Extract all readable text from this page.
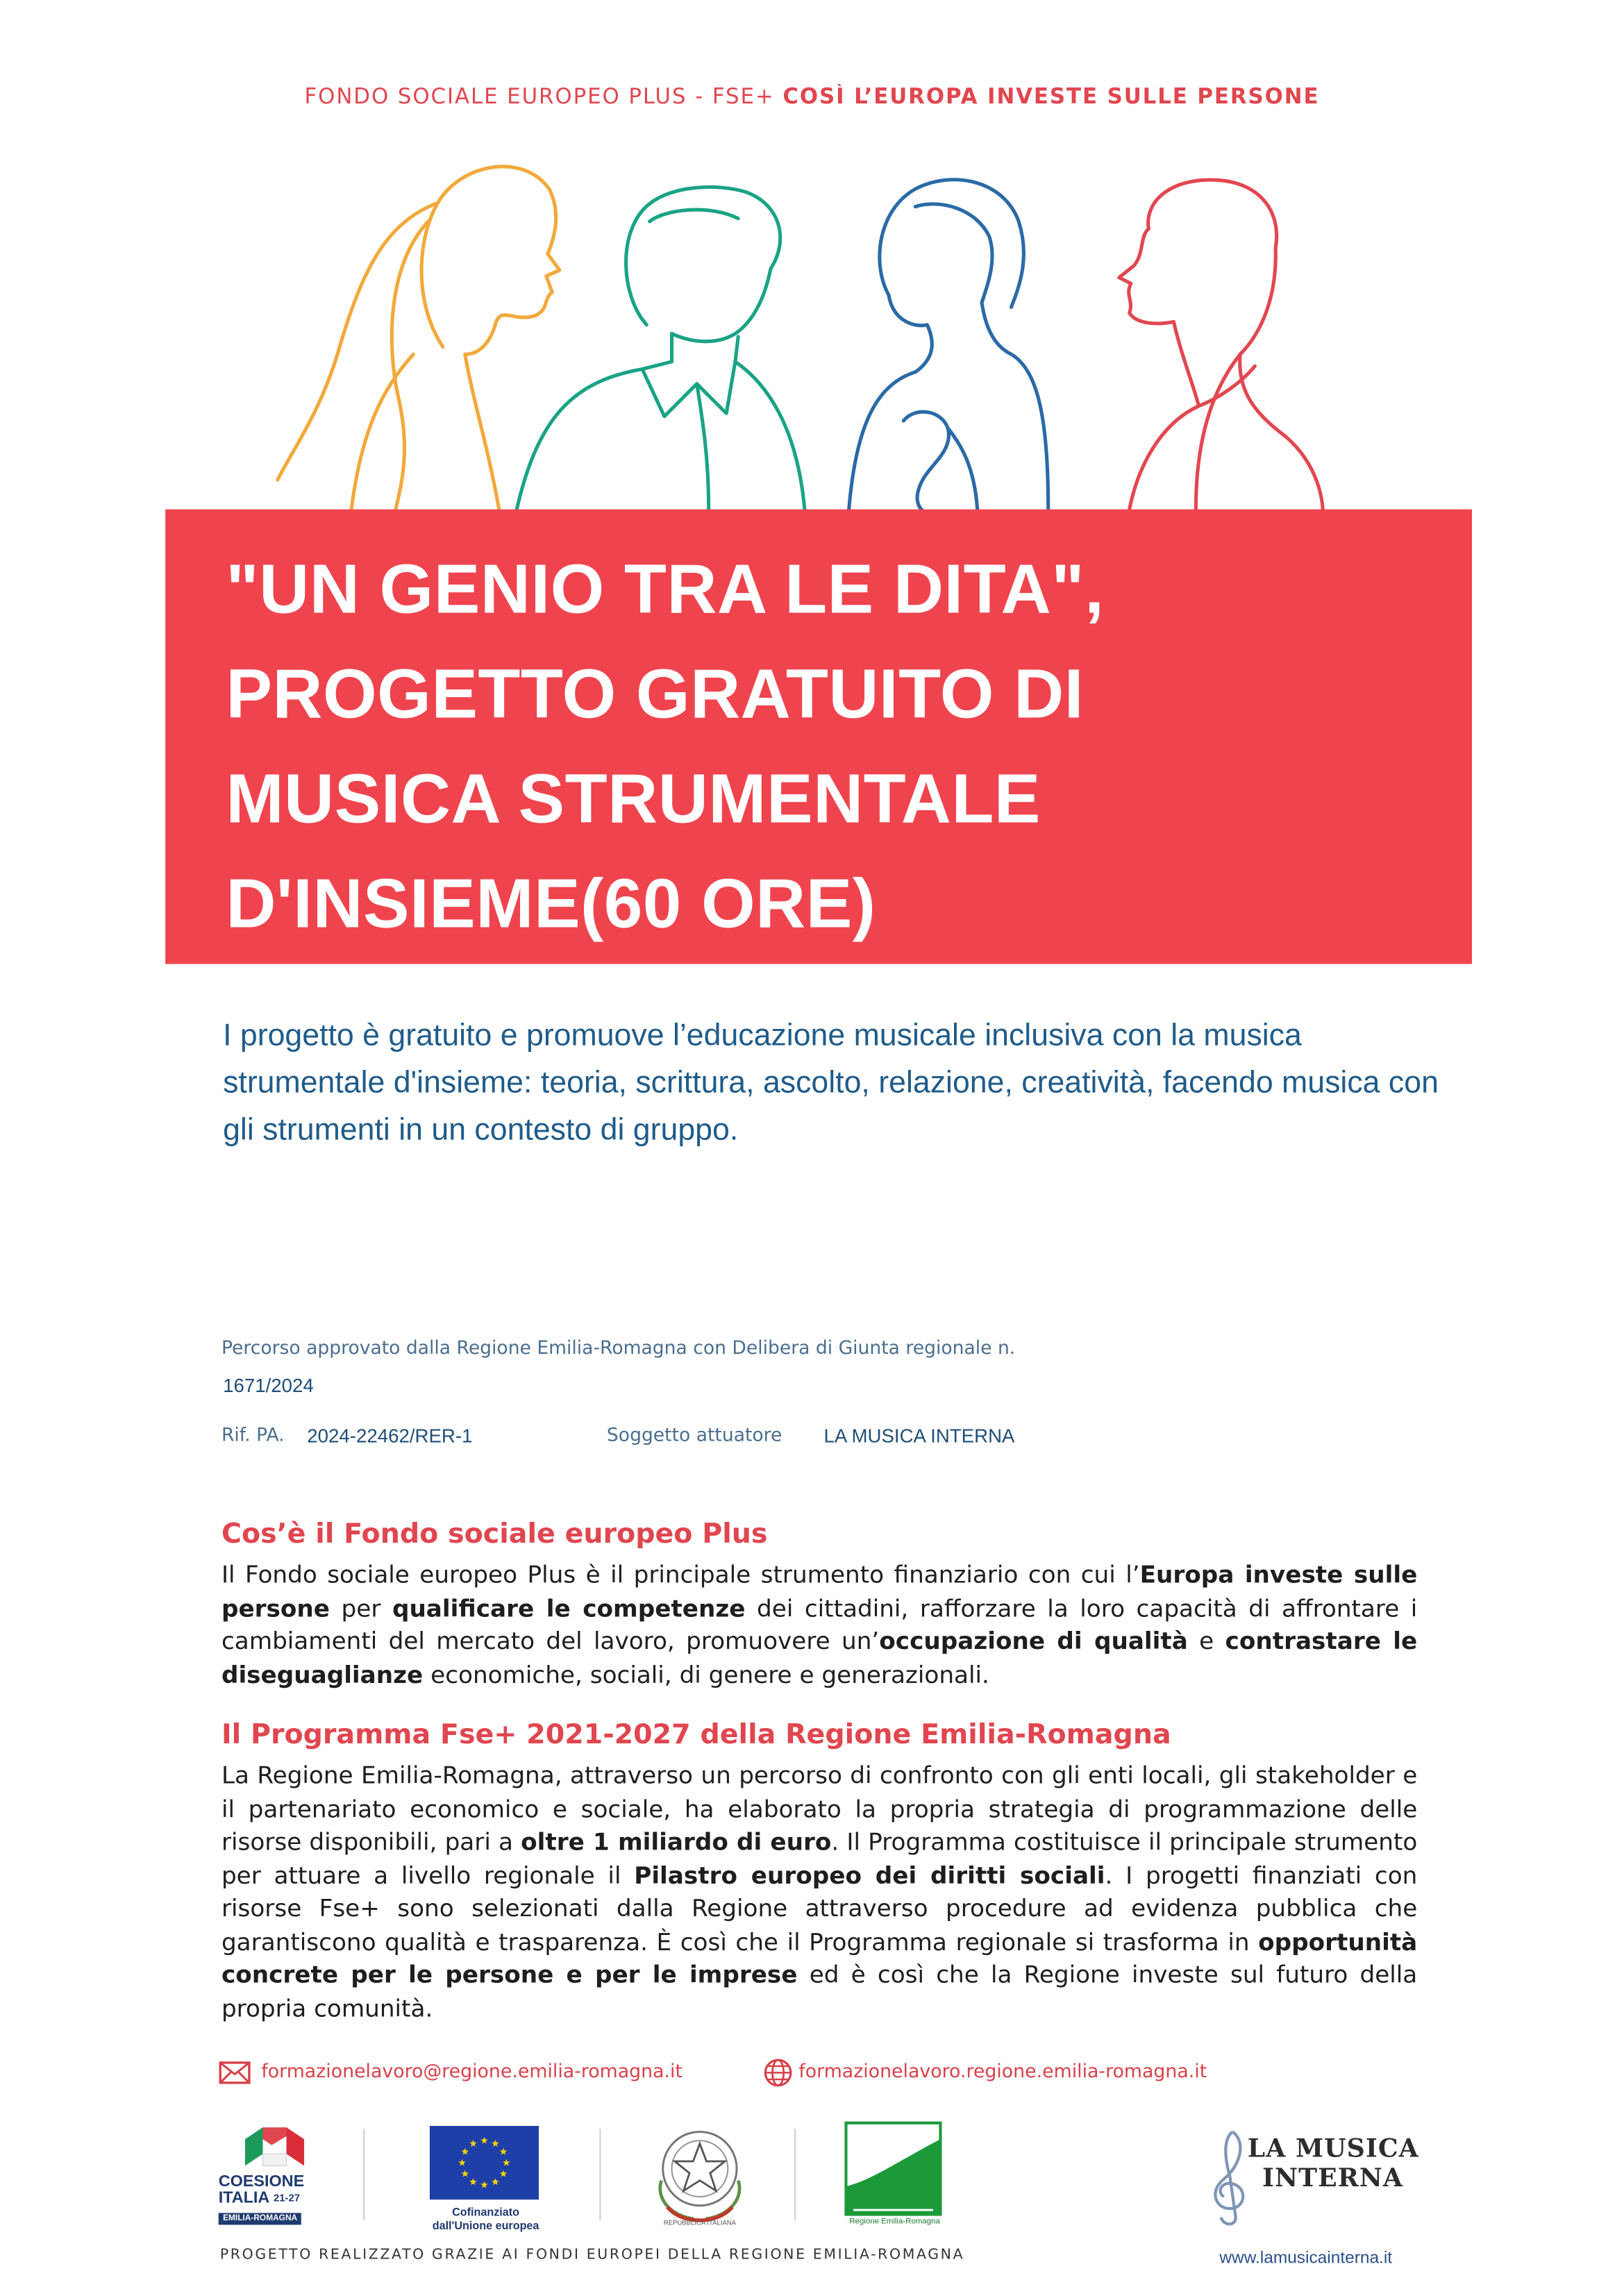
FONDO SOCIALE EUROPEO PLUS - FSE+ COSÌ L’EUROPA INVESTE SULLE PERSONE
"UN GENIO TRA LE DITA",
PROGETTO GRATUITO DI
MUSICA STRUMENTALE
D'INSIEME(60 ORE)
I progetto è gratuito e promuove l’educazione musicale inclusiva con la musica strumentale d'insieme: teoria, scrittura, ascolto, relazione, creatività, facendo musica con gli strumenti in un contesto di gruppo.
Percorso approvato dalla Regione Emilia-Romagna con Delibera di Giunta regionale n.
1671/2024
Rif. PA.	2024-22462/RER-1	Soggetto attuatore	LA MUSICA INTERNA
Cos’è il Fondo sociale europeo Plus
Il Fondo sociale europeo Plus è il principale strumento finanziario con cui l’Europa investe sulle persone per qualificare le competenze dei cittadini, rafforzare la loro capacità di affrontare i cambiamenti del mercato del lavoro, promuovere un’occupazione di qualità e contrastare le diseguaglianze economiche, sociali, di genere e generazionali.
Il Programma Fse+ 2021-2027 della Regione Emilia-Romagna
La Regione Emilia-Romagna, attraverso un percorso di confronto con gli enti locali, gli stakeholder e il partenariato economico e sociale, ha elaborato la propria strategia di programmazione delle risorse disponibili, pari a oltre 1 miliardo di euro. Il Programma costituisce il principale strumento per attuare a livello regionale il Pilastro europeo dei diritti sociali. I progetti finanziati con risorse Fse+ sono selezionati dalla Regione attraverso procedure ad evidenza pubblica che garantiscono qualità e trasparenza. È così che il Programma regionale si trasforma in opportunità concrete per le persone e per le imprese ed è così che la Regione investe sul futuro della propria comunità.
formazionelavoro@regione.emilia-romagna.it	formazionelavoro.regione.emilia-romagna.it
COESIONE
ITALIA $^{21-27}$
EMILIA-ROMAGNA	Cofinanziato
dall'Unione europea	REPUBBLICA ITALIANA	Regione Emilia-Romagna
LA MUSICA
INTERNA
PROGETTO REALIZZATO GRAZIE AI FONDI EUROPEI DELLA REGIONE EMILIA-ROMAGNA	www.lamusicainterna.it
